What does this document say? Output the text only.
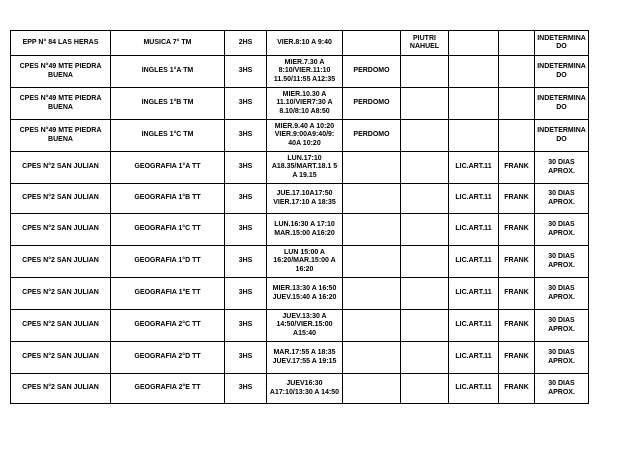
EPP N° 84 LAS HERAS	MUSICA 7° TM	2HS	VIER.8:10 A 9:40		PIUTRI NAHUEL			INDETERMINADO
CPES N°49 MTE PIEDRA BUENA	INGLES 1°A TM	3HS	MIER.7.30 A 8:10/VIER.11:10 11.50/11:55 A12:35	PERDOMO				INDETERMINADO
CPES N°49 MTE PIEDRA BUENA	INGLES 1°B TM	3HS	MIER.10.30 A 11.10/VIER7:30 A 8.10/8:10 A8:50	PERDOMO				INDETERMINADO
CPES N°49 MTE PIEDRA BUENA	INGLES 1°C TM	3HS	MIER.9.40 A 10:20 VIER.9:00A9:40/9: 40A 10:20	PERDOMO				INDETERMINADO
CPES N°2 SAN JULIAN	GEOGRAFIA 1°A TT	3HS	LUN.17:10 A18.35/MART.18.1 5 A 19.15			LIC.ART.11	FRANK	30 DIAS APROX.
CPES N°2 SAN JULIAN	GEOGRAFIA 1°B TT	3HS	JUE.17.10A17:50 VIER.17:10 A 18:35			LIC.ART.11	FRANK	30 DIAS APROX.
CPES N°2 SAN JULIAN	GEOGRAFIA 1°C TT	3HS	LUN.16:30 A 17:10 MAR.15:00 A16:20			LIC.ART.11	FRANK	30 DIAS APROX.
CPES N°2 SAN JULIAN	GEOGRAFIA 1°D TT	3HS	LUN 15:00 A 16:20/MAR.15:00 A 16:20			LIC.ART.11	FRANK	30 DIAS APROX.
CPES N°2 SAN JULIAN	GEOGRAFIA 1°E TT	3HS	MIER.13:30 A 16:50 JUEV.15:40 A 16:20			LIC.ART.11	FRANK	30 DIAS APROX.
CPES N°2 SAN JULIAN	GEOGRAFIA 2°C TT	3HS	JUEV.13:30 A 14:50/VIER.15:00 A15:40			LIC.ART.11	FRANK	30 DIAS APROX.
CPES N°2 SAN JULIAN	GEOGRAFIA 2°D TT	3HS	MAR.17:55 A 18:35 JUEV.17:55 A 19:15			LIC.ART.11	FRANK	30 DIAS APROX.
CPES N°2 SAN JULIAN	GEOGRAFIA 2°E TT	3HS	JUEV16:30 A17:10/13:30 A 14:50			LIC.ART.11	FRANK	30 DIAS APROX.
